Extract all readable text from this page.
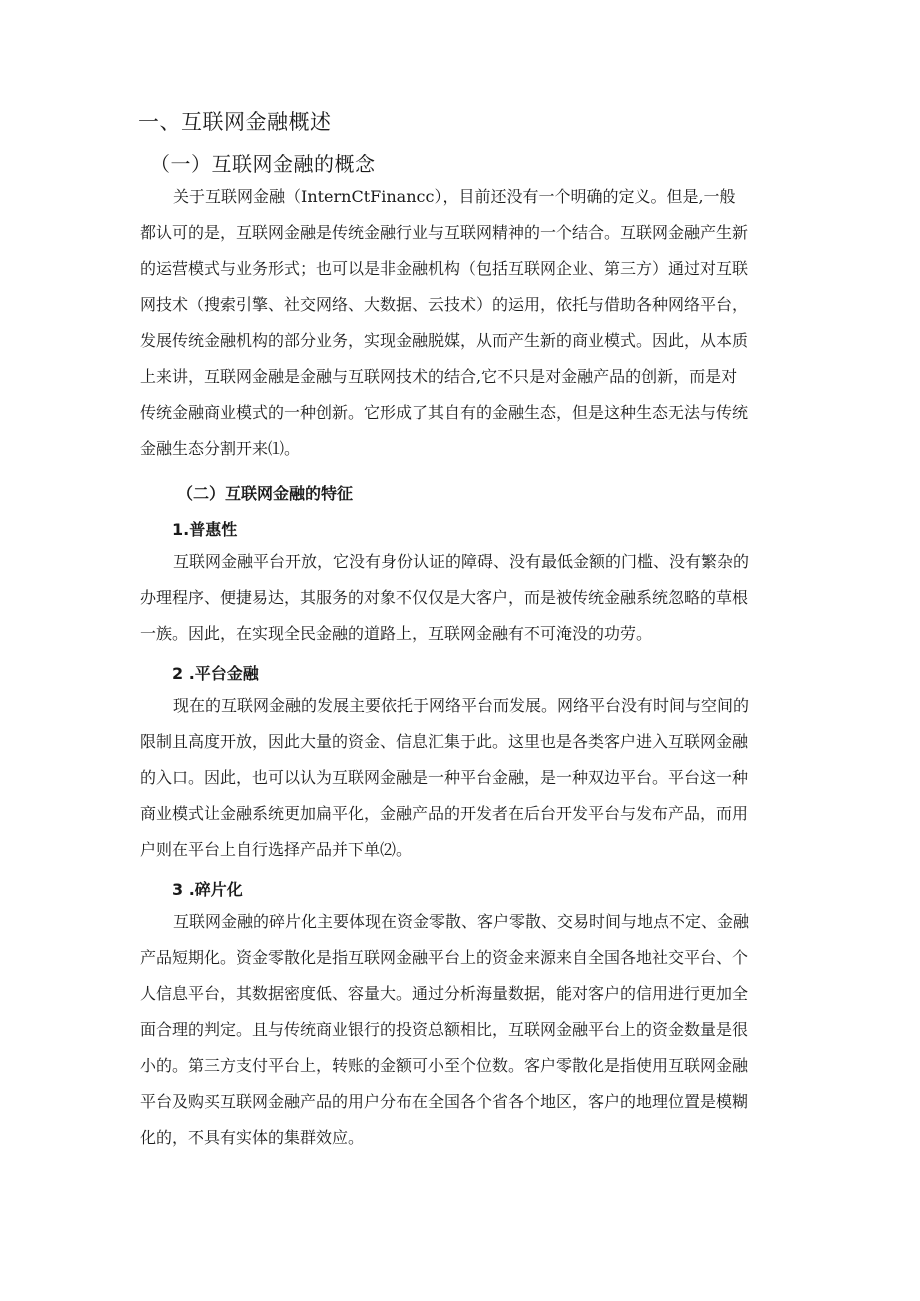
一、互联网金融概述
（一）互联网金融的概念
关于互联网金融（InternCtFinancc），目前还没有一个明确的定义。但是,一般
都认可的是，互联网金融是传统金融行业与互联网精神的一个结合。互联网金融产生新
的运营模式与业务形式；也可以是非金融机构（包括互联网企业、第三方）通过对互联
网技术（搜索引擎、社交网络、大数据、云技术）的运用，依托与借助各种网络平台，
发展传统金融机构的部分业务，实现金融脱媒，从而产生新的商业模式。因此，从本质
上来讲，互联网金融是金融与互联网技术的结合,它不只是对金融产品的创新，而是对
传统金融商业模式的一种创新。它形成了其自有的金融生态，但是这种生态无法与传统
金融生态分割开来⑴。
（二）互联网金融的特征
1.普惠性
互联网金融平台开放，它没有身份认证的障碍、没有最低金额的门槛、没有繁杂的
办理程序、便捷易达，其服务的对象不仅仅是大客户，而是被传统金融系统忽略的草根
一族。因此，在实现全民金融的道路上，互联网金融有不可淹没的功劳。
2 .平台金融
现在的互联网金融的发展主要依托于网络平台而发展。网络平台没有时间与空间的
限制且高度开放，因此大量的资金、信息汇集于此。这里也是各类客户进入互联网金融
的入口。因此，也可以认为互联网金融是一种平台金融，是一种双边平台。平台这一种
商业模式让金融系统更加扁平化，金融产品的开发者在后台开发平台与发布产品，而用
户则在平台上自行选择产品并下单⑵。
3 .碎片化
互联网金融的碎片化主要体现在资金零散、客户零散、交易时间与地点不定、金融
产品短期化。资金零散化是指互联网金融平台上的资金来源来自全国各地社交平台、个
人信息平台，其数据密度低、容量大。通过分析海量数据，能对客户的信用进行更加全
面合理的判定。且与传统商业银行的投资总额相比，互联网金融平台上的资金数量是很
小的。第三方支付平台上，转账的金额可小至个位数。客户零散化是指使用互联网金融
平台及购买互联网金融产品的用户分布在全国各个省各个地区，客户的地理位置是模糊
化的，不具有实体的集群效应。
